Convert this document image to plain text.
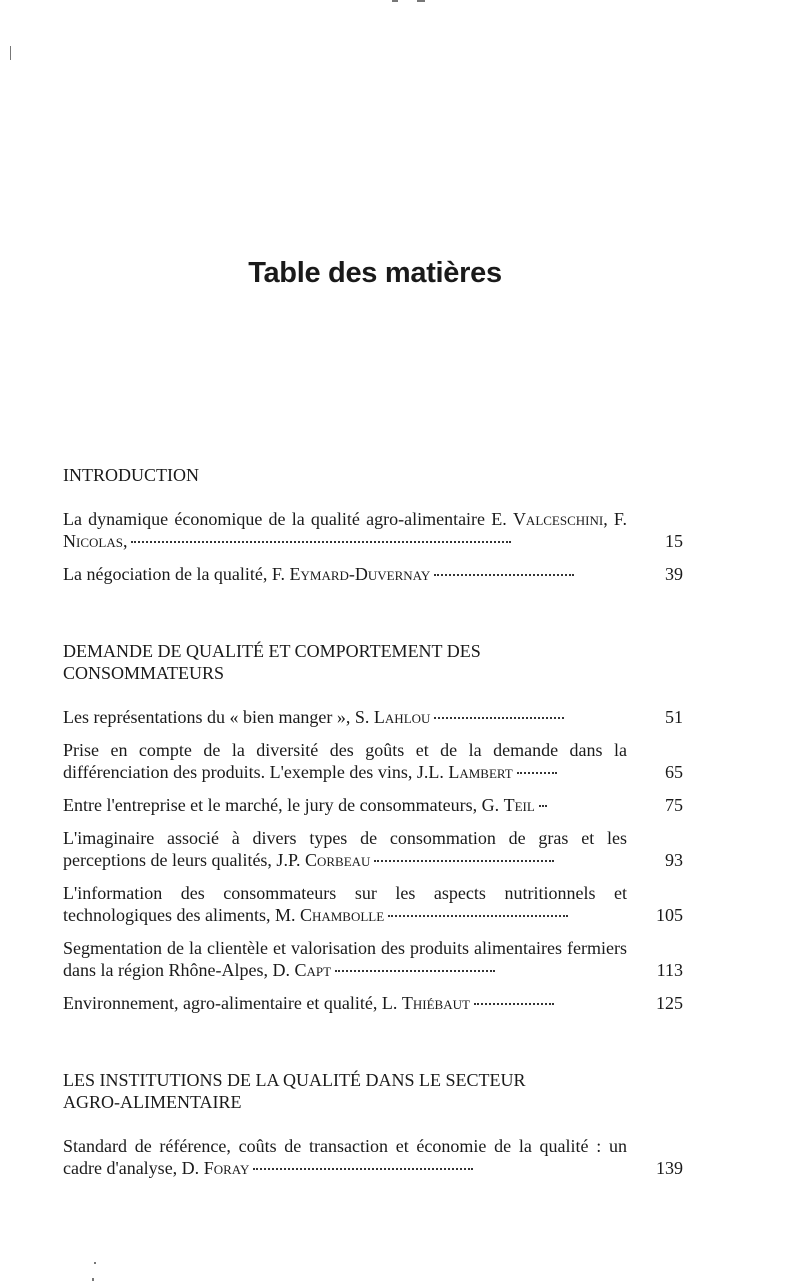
Table des matières
INTRODUCTION
La dynamique économique de la qualité agro-alimentaire E. Valceschini, F. Nicolas,	15
La négociation de la qualité, F. Eymard-Duvernay	39
DEMANDE DE QUALITÉ ET COMPORTEMENT DES CONSOMMATEURS
Les représentations du « bien manger », S. Lahlou	51
Prise en compte de la diversité des goûts et de la demande dans la différenciation des produits. L'exemple des vins, J.L. Lambert	65
Entre l'entreprise et le marché, le jury de consommateurs, G. Teil	75
L'imaginaire associé à divers types de consommation de gras et les perceptions de leurs qualités, J.P. Corbeau	93
L'information des consommateurs sur les aspects nutritionnels et technologiques des aliments, M. Chambolle	105
Segmentation de la clientèle et valorisation des produits alimentaires fermiers dans la région Rhône-Alpes, D. Capt	113
Environnement, agro-alimentaire et qualité, L. Thiébaut	125
LES INSTITUTIONS DE LA QUALITÉ DANS LE SECTEUR AGRO-ALIMENTAIRE
Standard de référence, coûts de transaction et économie de la qualité : un cadre d'analyse, D. Foray	139
